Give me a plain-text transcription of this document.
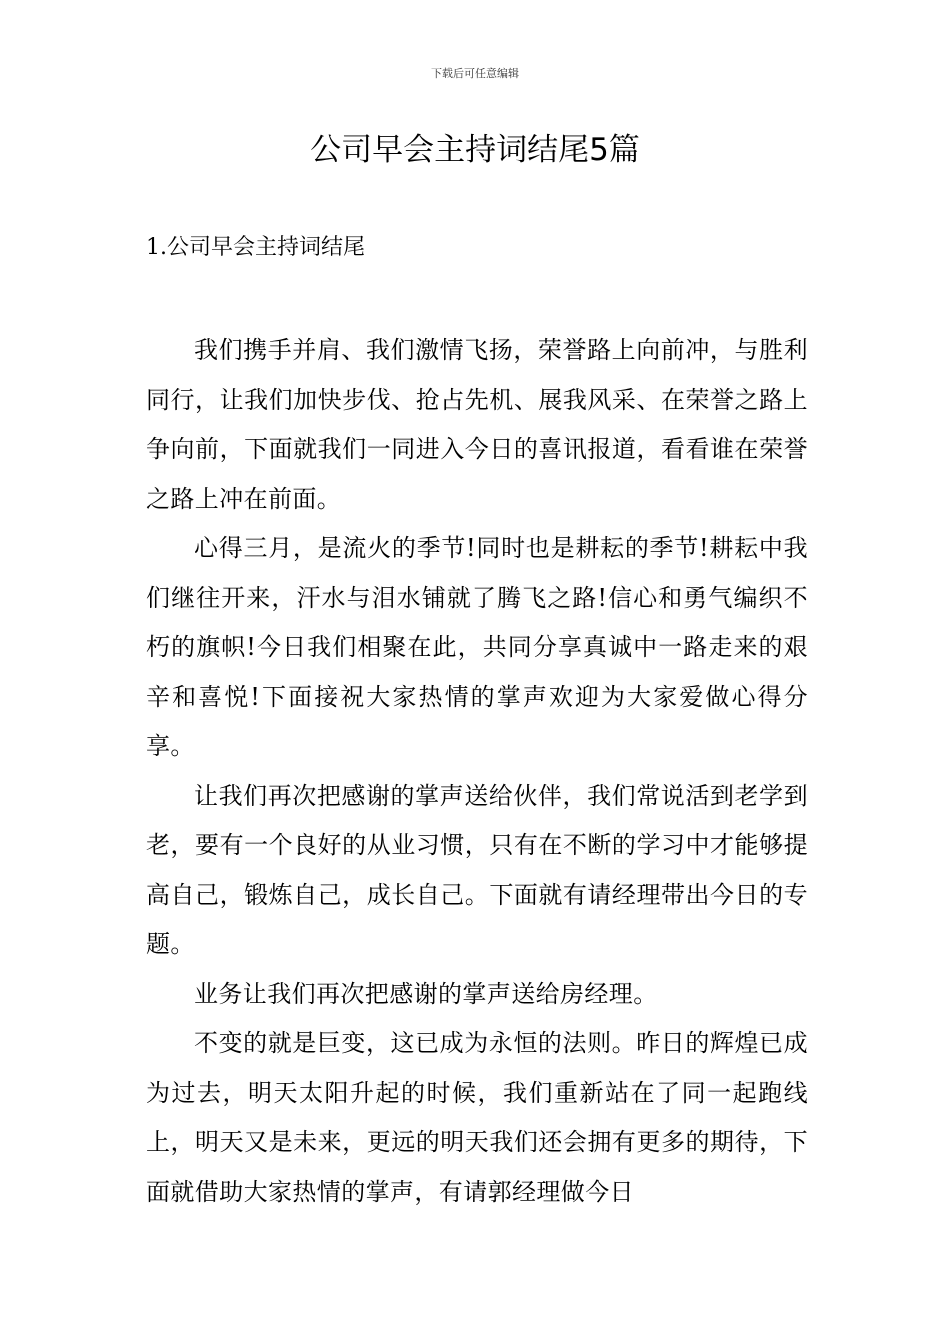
下载后可任意编辑
公司早会主持词结尾5篇
1.公司早会主持词结尾

我们携手并肩、我们激情飞扬，荣誉路上向前冲，与胜利同行，让我们加快步伐、抢占先机、展我风采、在荣誉之路上争向前，下面就我们一同进入今日的喜讯报道，看看谁在荣誉之路上冲在前面。

心得三月，是流火的季节!同时也是耕耘的季节!耕耘中我们继往开来，汗水与泪水铺就了腾飞之路!信心和勇气编织不朽的旗帜!今日我们相聚在此，共同分享真诚中一路走来的艰辛和喜悦!下面接祝大家热情的掌声欢迎为大家爱做心得分享。

让我们再次把感谢的掌声送给伙伴，我们常说活到老学到老，要有一个良好的从业习惯，只有在不断的学习中才能够提高自己，锻炼自己，成长自己。下面就有请经理带出今日的专题。

业务让我们再次把感谢的掌声送给房经理。

不变的就是巨变，这已成为永恒的法则。昨日的辉煌已成为过去，明天太阳升起的时候，我们重新站在了同一起跑线上，明天又是未来，更远的明天我们还会拥有更多的期待，下面就借助大家热情的掌声，有请郭经理做今日
